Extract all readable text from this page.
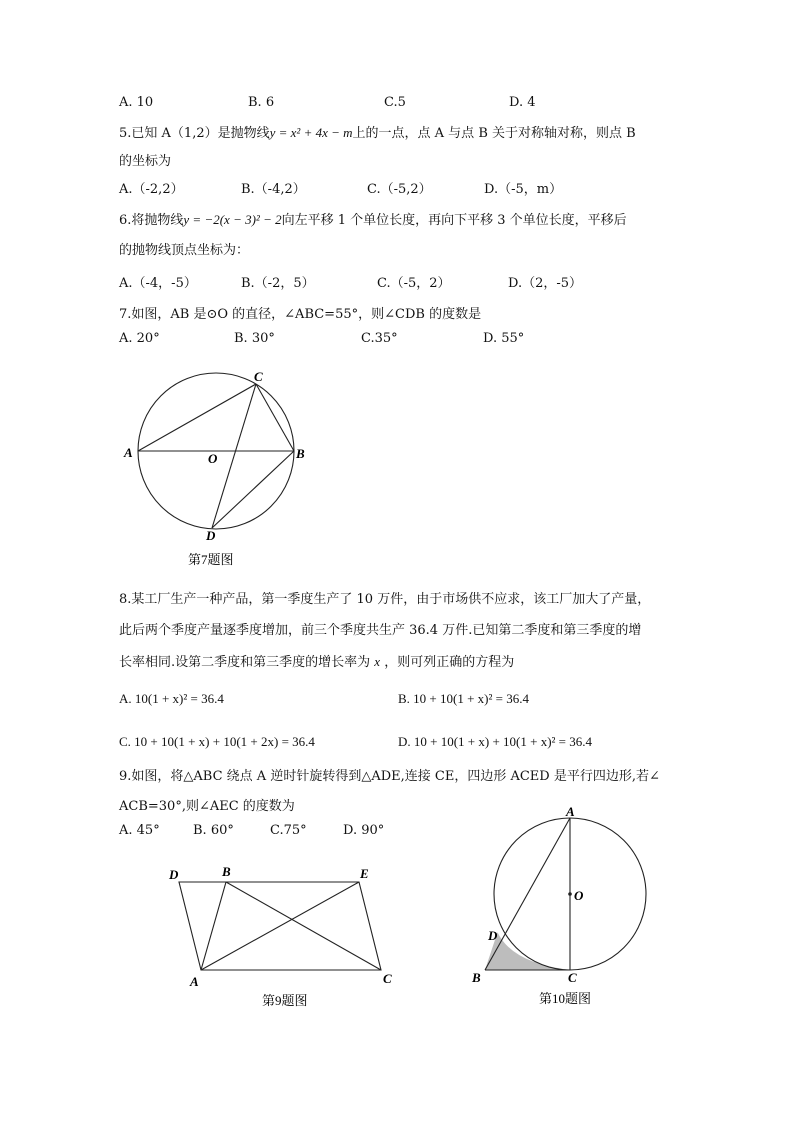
A. 10	B. 6	C.5	D. 4
5.已知 A（1,2）是抛物线y = x² + 4x − m上的一点，点 A 与点 B 关于对称轴对称，则点 B
的坐标为
A.（-2,2）	B.（-4,2）	C.（-5,2）	D.（-5，m）
6.将抛物线y = −2(x − 3)² − 2向左平移 1 个单位长度，再向下平移 3 个单位长度，平移后
的抛物线顶点坐标为：
A.（-4，-5）	B.（-2，5）	C.（-5，2）	D.（2，-5）
7.如图，AB 是⊙O 的直径，∠ABC=55°，则∠CDB 的度数是
A. 20°	B. 30°	C.35°	D. 55°
8.某工厂生产一种产品，第一季度生产了 10 万件，由于市场供不应求，该工厂加大了产量，
此后两个季度产量逐季度增加，前三个季度共生产 36.4 万件.已知第二季度和第三季度的增
长率相同.设第二季度和第三季度的增长率为 x ，则可列正确的方程为
A. 10(1 + x)² = 36.4	B. 10 + 10(1 + x)² = 36.4
C. 10 + 10(1 + x) + 10(1 + 2x) = 36.4	D. 10 + 10(1 + x) + 10(1 + x)² = 36.4
9.如图，将△ABC 绕点 A 逆时针旋转得到△ADE,连接 CE，四边形 ACED 是平行四边形,若∠
ACB=30°,则∠AEC 的度数为
A. 45°	B. 60°	C.75°	D. 90°
A	B
C
D
O
第7题图
D	B	E
A	C
第9题图
A
O
D
B	C
第10题图
